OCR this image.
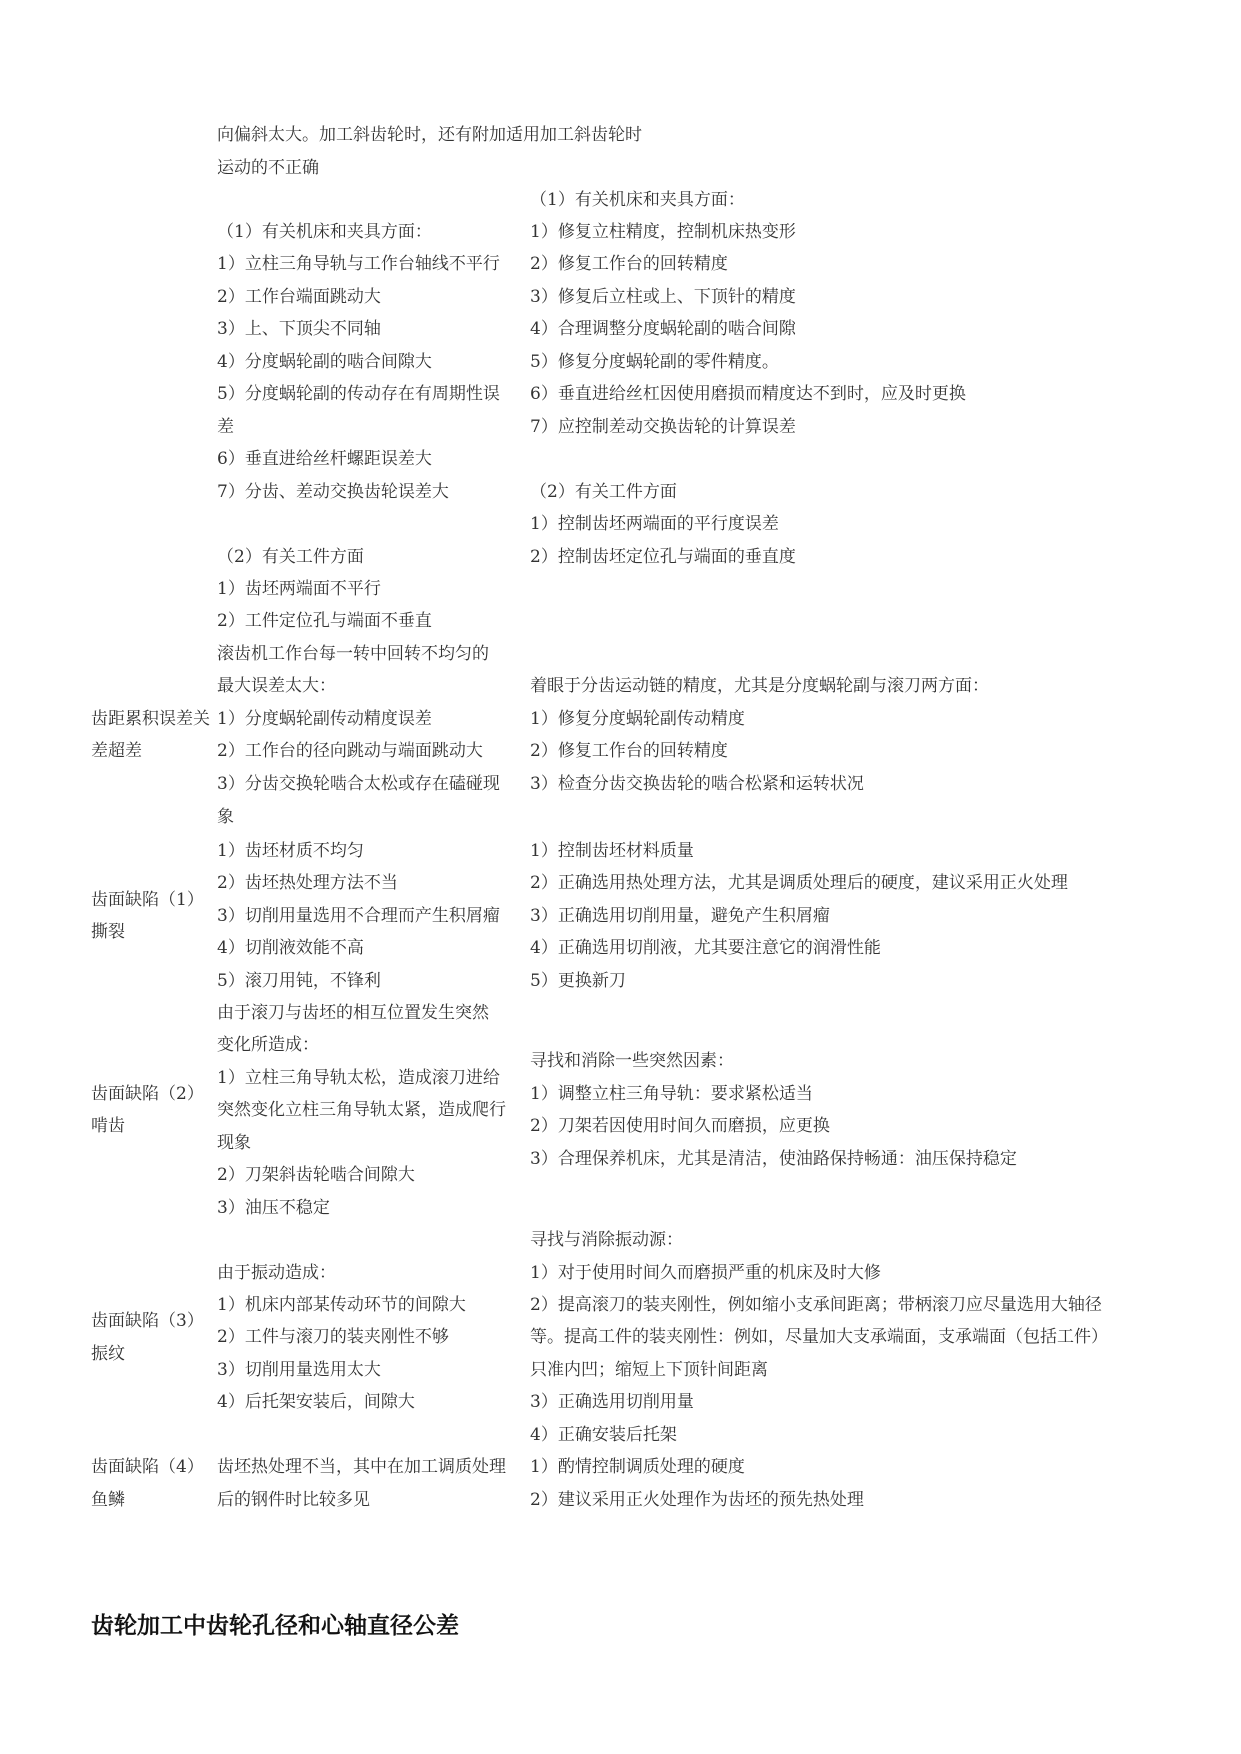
向偏斜太大。加工斜齿轮时，还有附加适用加工斜齿轮时
运动的不正确
（1）有关机床和夹具方面：
1）立柱三角导轨与工作台轴线不平行
2）工作台端面跳动大
3）上、下顶尖不同轴
4）分度蜗轮副的啮合间隙大
5）分度蜗轮副的传动存在有周期性误
差
6）垂直进给丝杆螺距误差大
7）分齿、差动交换齿轮误差大
（2）有关工件方面
1）齿坯两端面不平行
2）工件定位孔与端面不垂直
滚齿机工作台每一转中回转不均匀的
最大误差太大：
1）分度蜗轮副传动精度误差
2）工作台的径向跳动与端面跳动大
3）分齿交换轮啮合太松或存在磕碰现
象
1）齿坯材质不均匀
2）齿坯热处理方法不当
3）切削用量选用不合理而产生积屑瘤
4）切削液效能不高
5）滚刀用钝，不锋利
由于滚刀与齿坯的相互位置发生突然
变化所造成：
1）立柱三角导轨太松，造成滚刀进给
突然变化立柱三角导轨太紧，造成爬行
现象
2）刀架斜齿轮啮合间隙大
3）油压不稳定
由于振动造成：
1）机床内部某传动环节的间隙大
2）工件与滚刀的装夹刚性不够
3）切削用量选用太大
4）后托架安装后，间隙大
齿坯热处理不当，其中在加工调质处理
后的钢件时比较多见
（1）有关机床和夹具方面：
1）修复立柱精度，控制机床热变形
2）修复工作台的回转精度
3）修复后立柱或上、下顶针的精度
4）合理调整分度蜗轮副的啮合间隙
5）修复分度蜗轮副的零件精度。
6）垂直进给丝杠因使用磨损而精度达不到时，应及时更换
7）应控制差动交换齿轮的计算误差
（2）有关工件方面
1）控制齿坯两端面的平行度误差
2）控制齿坯定位孔与端面的垂直度
着眼于分齿运动链的精度，尤其是分度蜗轮副与滚刀两方面：
1）修复分度蜗轮副传动精度
2）修复工作台的回转精度
3）检查分齿交换齿轮的啮合松紧和运转状况
1）控制齿坯材料质量
2）正确选用热处理方法，尤其是调质处理后的硬度，建议采用正火处理
3）正确选用切削用量，避免产生积屑瘤
4）正确选用切削液，尤其要注意它的润滑性能
5）更换新刀
寻找和消除一些突然因素：
1）调整立柱三角导轨：要求紧松适当
2）刀架若因使用时间久而磨损，应更换
3）合理保养机床，尤其是清洁，使油路保持畅通：油压保持稳定
寻找与消除振动源：
1）对于使用时间久而磨损严重的机床及时大修
2）提高滚刀的装夹刚性，例如缩小支承间距离；带柄滚刀应尽量选用大轴径
等。提高工件的装夹刚性：例如，尽量加大支承端面，支承端面（包括工件）
只准内凹；缩短上下顶针间距离
3）正确选用切削用量
4）正确安装后托架
1）酌情控制调质处理的硬度
2）建议采用正火处理作为齿坯的预先热处理
齿距累积误差关
差超差
齿面缺陷（1）
撕裂
齿面缺陷（2）
啃齿
齿面缺陷（3）
振纹
齿面缺陷（4）
鱼鳞
齿轮加工中齿轮孔径和心轴直径公差
